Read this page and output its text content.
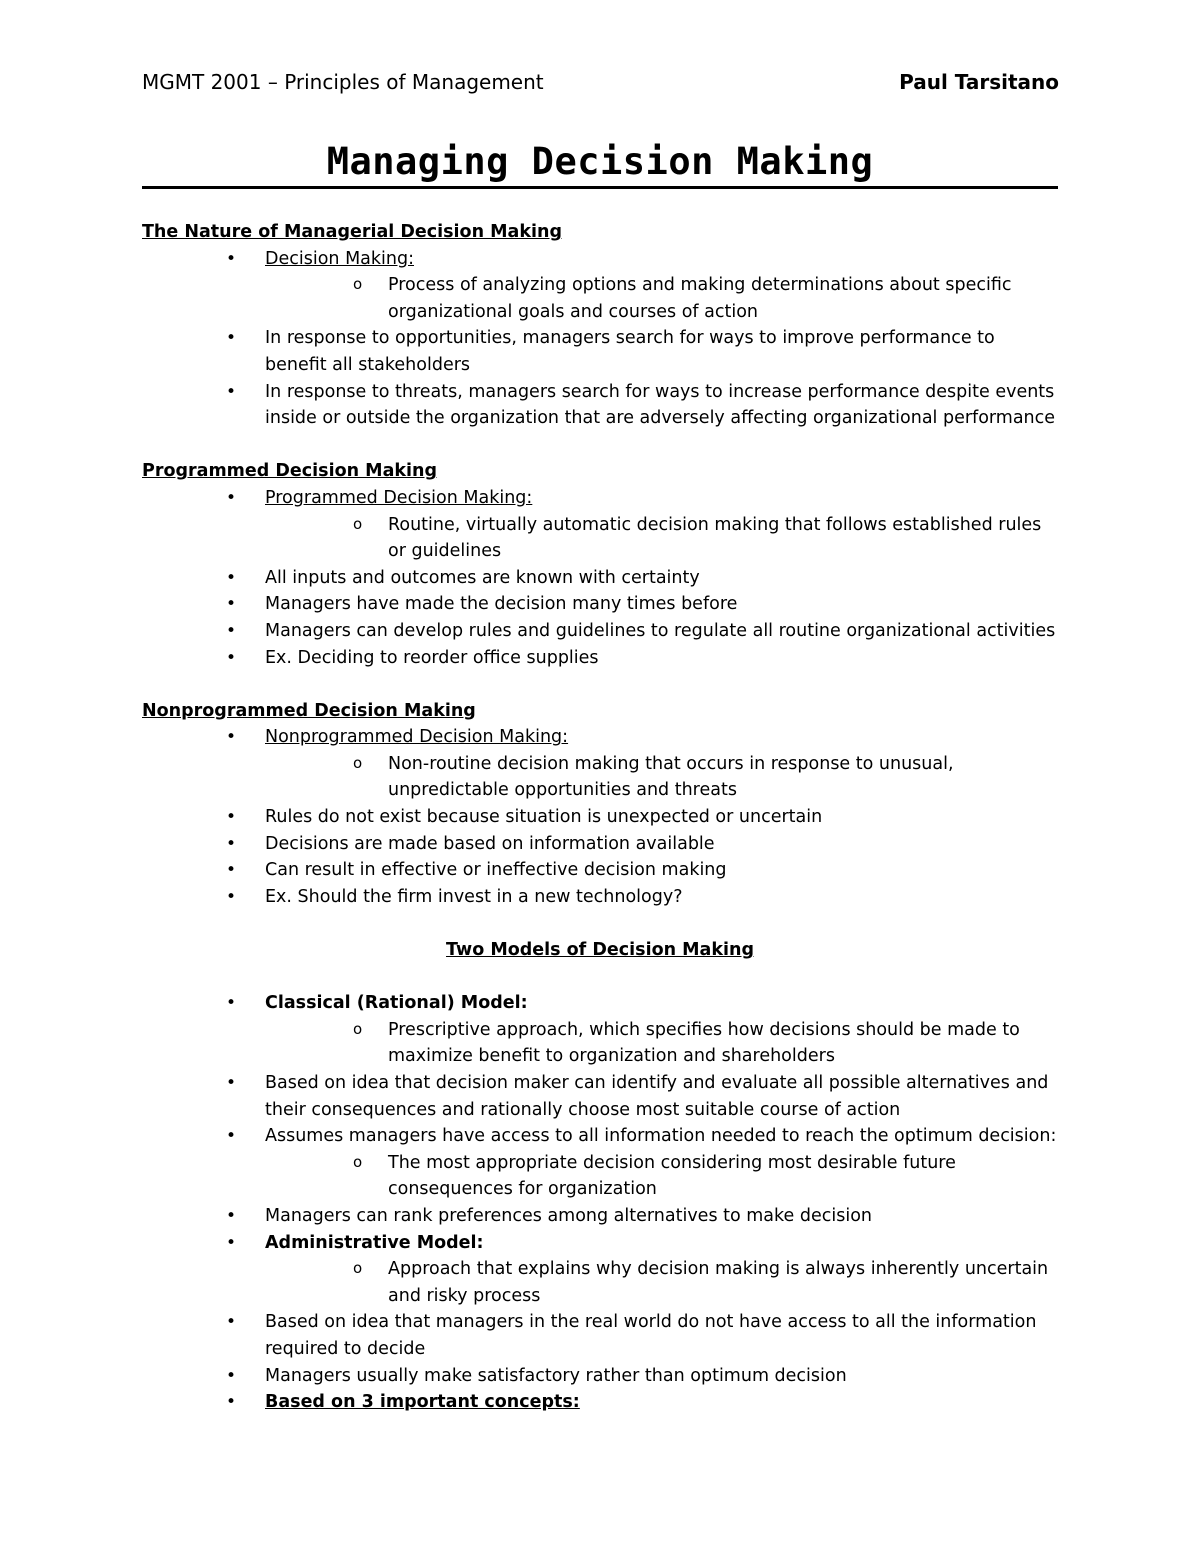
MGMT 2001 – Principles of Management	Paul Tarsitano
Managing Decision Making
The Nature of Managerial Decision Making
• Decision Making:
o Process of analyzing options and making determinations about specific organizational goals and courses of action
• In response to opportunities, managers search for ways to improve performance to benefit all stakeholders
• In response to threats, managers search for ways to increase performance despite events inside or outside the organization that are adversely affecting organizational performance
Programmed Decision Making
• Programmed Decision Making:
o Routine, virtually automatic decision making that follows established rules or guidelines
• All inputs and outcomes are known with certainty
• Managers have made the decision many times before
• Managers can develop rules and guidelines to regulate all routine organizational activities
• Ex. Deciding to reorder office supplies
Nonprogrammed Decision Making
• Nonprogrammed Decision Making:
o Non-routine decision making that occurs in response to unusual, unpredictable opportunities and threats
• Rules do not exist because situation is unexpected or uncertain
• Decisions are made based on information available
• Can result in effective or ineffective decision making
• Ex. Should the firm invest in a new technology?
Two Models of Decision Making
• Classical (Rational) Model:
o Prescriptive approach, which specifies how decisions should be made to maximize benefit to organization and shareholders
• Based on idea that decision maker can identify and evaluate all possible alternatives and their consequences and rationally choose most suitable course of action
• Assumes managers have access to all information needed to reach the optimum decision:
o The most appropriate decision considering most desirable future consequences for organization
• Managers can rank preferences among alternatives to make decision
• Administrative Model:
o Approach that explains why decision making is always inherently uncertain and risky process
• Based on idea that managers in the real world do not have access to all the information required to decide
• Managers usually make satisfactory rather than optimum decision
• Based on 3 important concepts:
